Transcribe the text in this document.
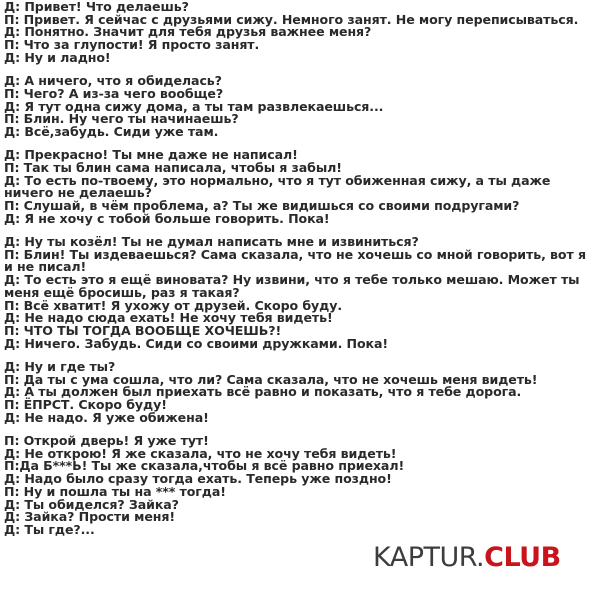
Д: Привет! Что делаешь?
П: Привет. Я сейчас с друзьями сижу. Немного занят. Не могу переписываться.
Д: Понятно. Значит для тебя друзья важнее меня?
П: Что за глупости! Я просто занят.
Д: Ну и ладно!
Д: А ничего, что я обиделась?
П: Чего? А из-за чего вообще?
Д: Я тут одна сижу дома, а ты там развлекаешься...
П: Блин. Ну чего ты начинаешь?
Д: Всё,забудь. Сиди уже там.
Д: Прекрасно! Ты мне даже не написал!
П: Так ты блин сама написала, чтобы я забыл!
Д: То есть по-твоему, это нормально, что я тут обиженная сижу, а ты даже ничего не делаешь?
П: Слушай, в чём проблема, а? Ты же видишься со своими подругами?
Д: Я не хочу с тобой больше говорить. Пока!
Д: Ну ты козёл! Ты не думал написать мне и извиниться?
П: Блин! Ты издеваешься? Сама сказала, что не хочешь со мной говорить, вот я и не писал!
Д: То есть это я ещё виновата? Ну извини, что я тебе только мешаю. Может ты меня ещё бросишь, раз я такая?
П: Всё хватит! Я ухожу от друзей. Скоро буду.
Д: Не надо сюда ехать! Не хочу тебя видеть!
П: ЧТО ТЫ ТОГДА ВООБЩЕ ХОЧЕШЬ?!
Д: Ничего. Забудь. Сиди со своими дружками. Пока!
Д: Ну и где ты?
П: Да ты с ума сошла, что ли? Сама сказала, что не хочешь меня видеть!
Д: А ты должен был приехать всё равно и показать, что я тебе дорога.
П: ЁПРСТ. Скоро буду!
Д: Не надо. Я уже обижена!
П: Открой дверь! Я уже тут!
Д: Не открою! Я же сказала, что не хочу тебя видеть!
П:Да Б***Ь! Ты же сказала,чтобы я всё равно приехал!
Д: Надо было сразу тогда ехать. Теперь уже поздно!
П: Ну и пошла ты на *** тогда!
Д: Ты обиделся? Зайка?
Д: Зайка? Прости меня!
Д: Ты где?...
KAPTUR.CLUB
